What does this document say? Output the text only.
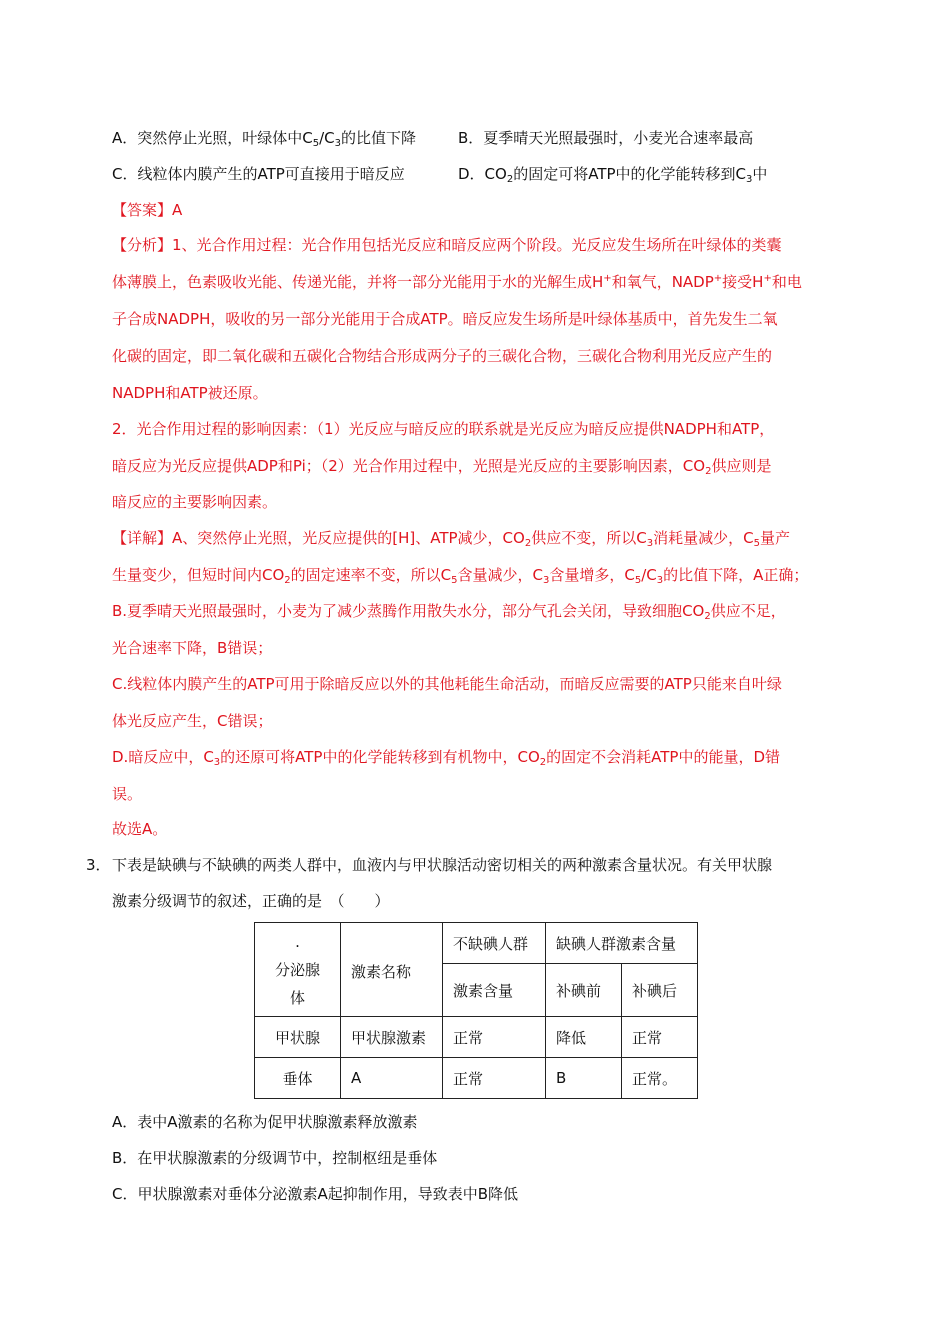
A．突然停止光照，叶绿体中$C_5/C_3$的比值下降	B．夏季晴天光照最强时，小麦光合速率最高
C．线粒体内膜产生的ATP可直接用于暗反应	D．$CO_2$的固定可将ATP中的化学能转移到$C_3$中
【答案】A
【分析】1、光合作用过程：光合作用包括光反应和暗反应两个阶段。光反应发生场所在叶绿体的类囊
体薄膜上，色素吸收光能、传递光能，并将一部分光能用于水的光解生成H+和氧气，NADP+接受H+和电
子合成NADPH，吸收的另一部分光能用于合成ATP。暗反应发生场所是叶绿体基质中，首先发生二氧
化碳的固定，即二氧化碳和五碳化合物结合形成两分子的三碳化合物，三碳化合物利用光反应产生的
NADPH和ATP被还原。
2．光合作用过程的影响因素：（1）光反应与暗反应的联系就是光反应为暗反应提供NADPH和ATP，
暗反应为光反应提供ADP和Pi；（2）光合作用过程中，光照是光反应的主要影响因素，$CO_2$供应则是
暗反应的主要影响因素。
【详解】A、突然停止光照，光反应提供的[H]、ATP减少，$CO_2$供应不变，所以$C_3$消耗量减少，$C_5$量产
生量变少，但短时间内$CO_2$的固定速率不变，所以$C_5$含量减少，$C_3$含量增多，$C_5/C_3$的比值下降，A正确；
B.夏季晴天光照最强时，小麦为了减少蒸腾作用散失水分，部分气孔会关闭，导致细胞$CO_2$供应不足，
光合速率下降，B错误；
C.线粒体内膜产生的ATP可用于除暗反应以外的其他耗能生命活动，而暗反应需要的ATP只能来自叶绿
体光反应产生，C错误；
D.暗反应中，$C_3$的还原可将ATP中的化学能转移到有机物中，$CO_2$的固定不会消耗ATP中的能量，D错
误。
故选A。
3． 下表是缺碘与不缺碘的两类人群中，血液内与甲状腺活动密切相关的两种激素含量状况。有关甲状腺
激素分级调节的叙述，正确的是　（　　）
.
分泌腺
体	激素名称	不缺碘人群	缺碘人群激素含量	
		激素含量	补碘前	补碘后
甲状腺	甲状腺激素	正常	降低	正常
垂体	A	正常	B	正常。
A．表中A激素的名称为促甲状腺激素释放激素
B．在甲状腺激素的分级调节中，控制枢纽是垂体
C．甲状腺激素对垂体分泌激素A起抑制作用，导致表中B降低
